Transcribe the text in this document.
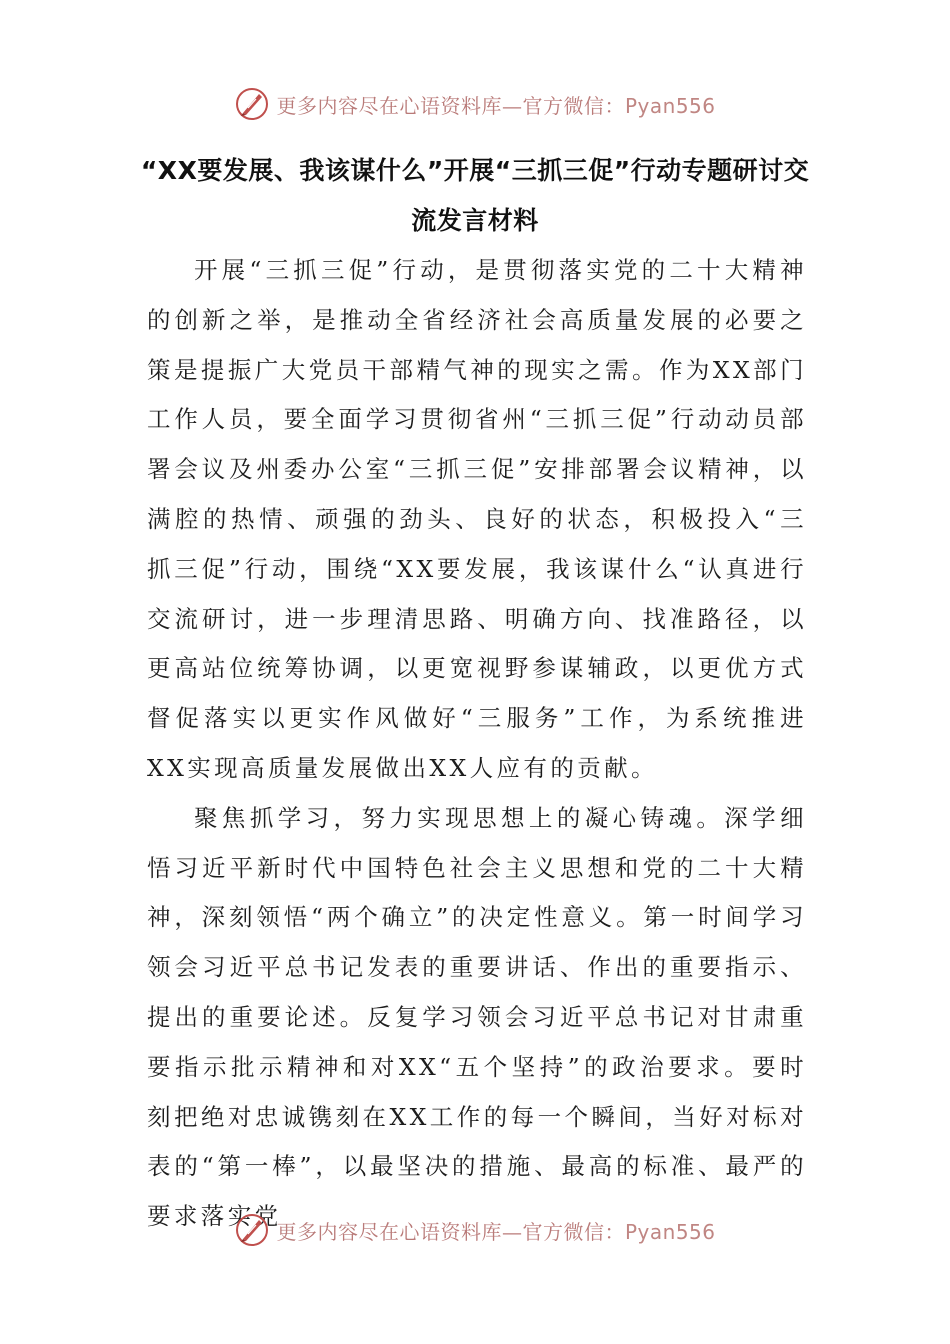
更多内容尽在心语资料库—官方微信：Pyan556
“XX要发展、我该谋什么”开展“三抓三促”行动专题研讨交流发言材料

开展“三抓三促”行动，是贯彻落实党的二十大精神的创新之举，是推动全省经济社会高质量发展的必要之策是提振广大党员干部精气神的现实之需。作为XX部门工作人员，要全面学习贯彻省州“三抓三促”行动动员部署会议及州委办公室“三抓三促”安排部署会议精神，以满腔的热情、顽强的劲头、良好的状态，积极投入“三抓三促”行动，围绕“XX要发展，我该谋什么“认真进行交流研讨，进一步理清思路、明确方向、找准路径，以更高站位统筹协调，以更宽视野参谋辅政，以更优方式督促落实以更实作风做好“三服务”工作，为系统推进XX实现高质量发展做出XX人应有的贡献。

聚焦抓学习，努力实现思想上的凝心铸魂。深学细悟习近平新时代中国特色社会主义思想和党的二十大精神，深刻领悟“两个确立”的决定性意义。第一时间学习领会习近平总书记发表的重要讲话、作出的重要指示、提出的重要论述。反复学习领会习近平总书记对甘肃重要指示批示精神和对XX“五个坚持”的政治要求。要时刻把绝对忠诚镌刻在XX工作的每一个瞬间，当好对标对表的“第一棒”，以最坚决的措施、最高的标准、最严的要求落实党

更多内容尽在心语资料库—官方微信：Pyan556
